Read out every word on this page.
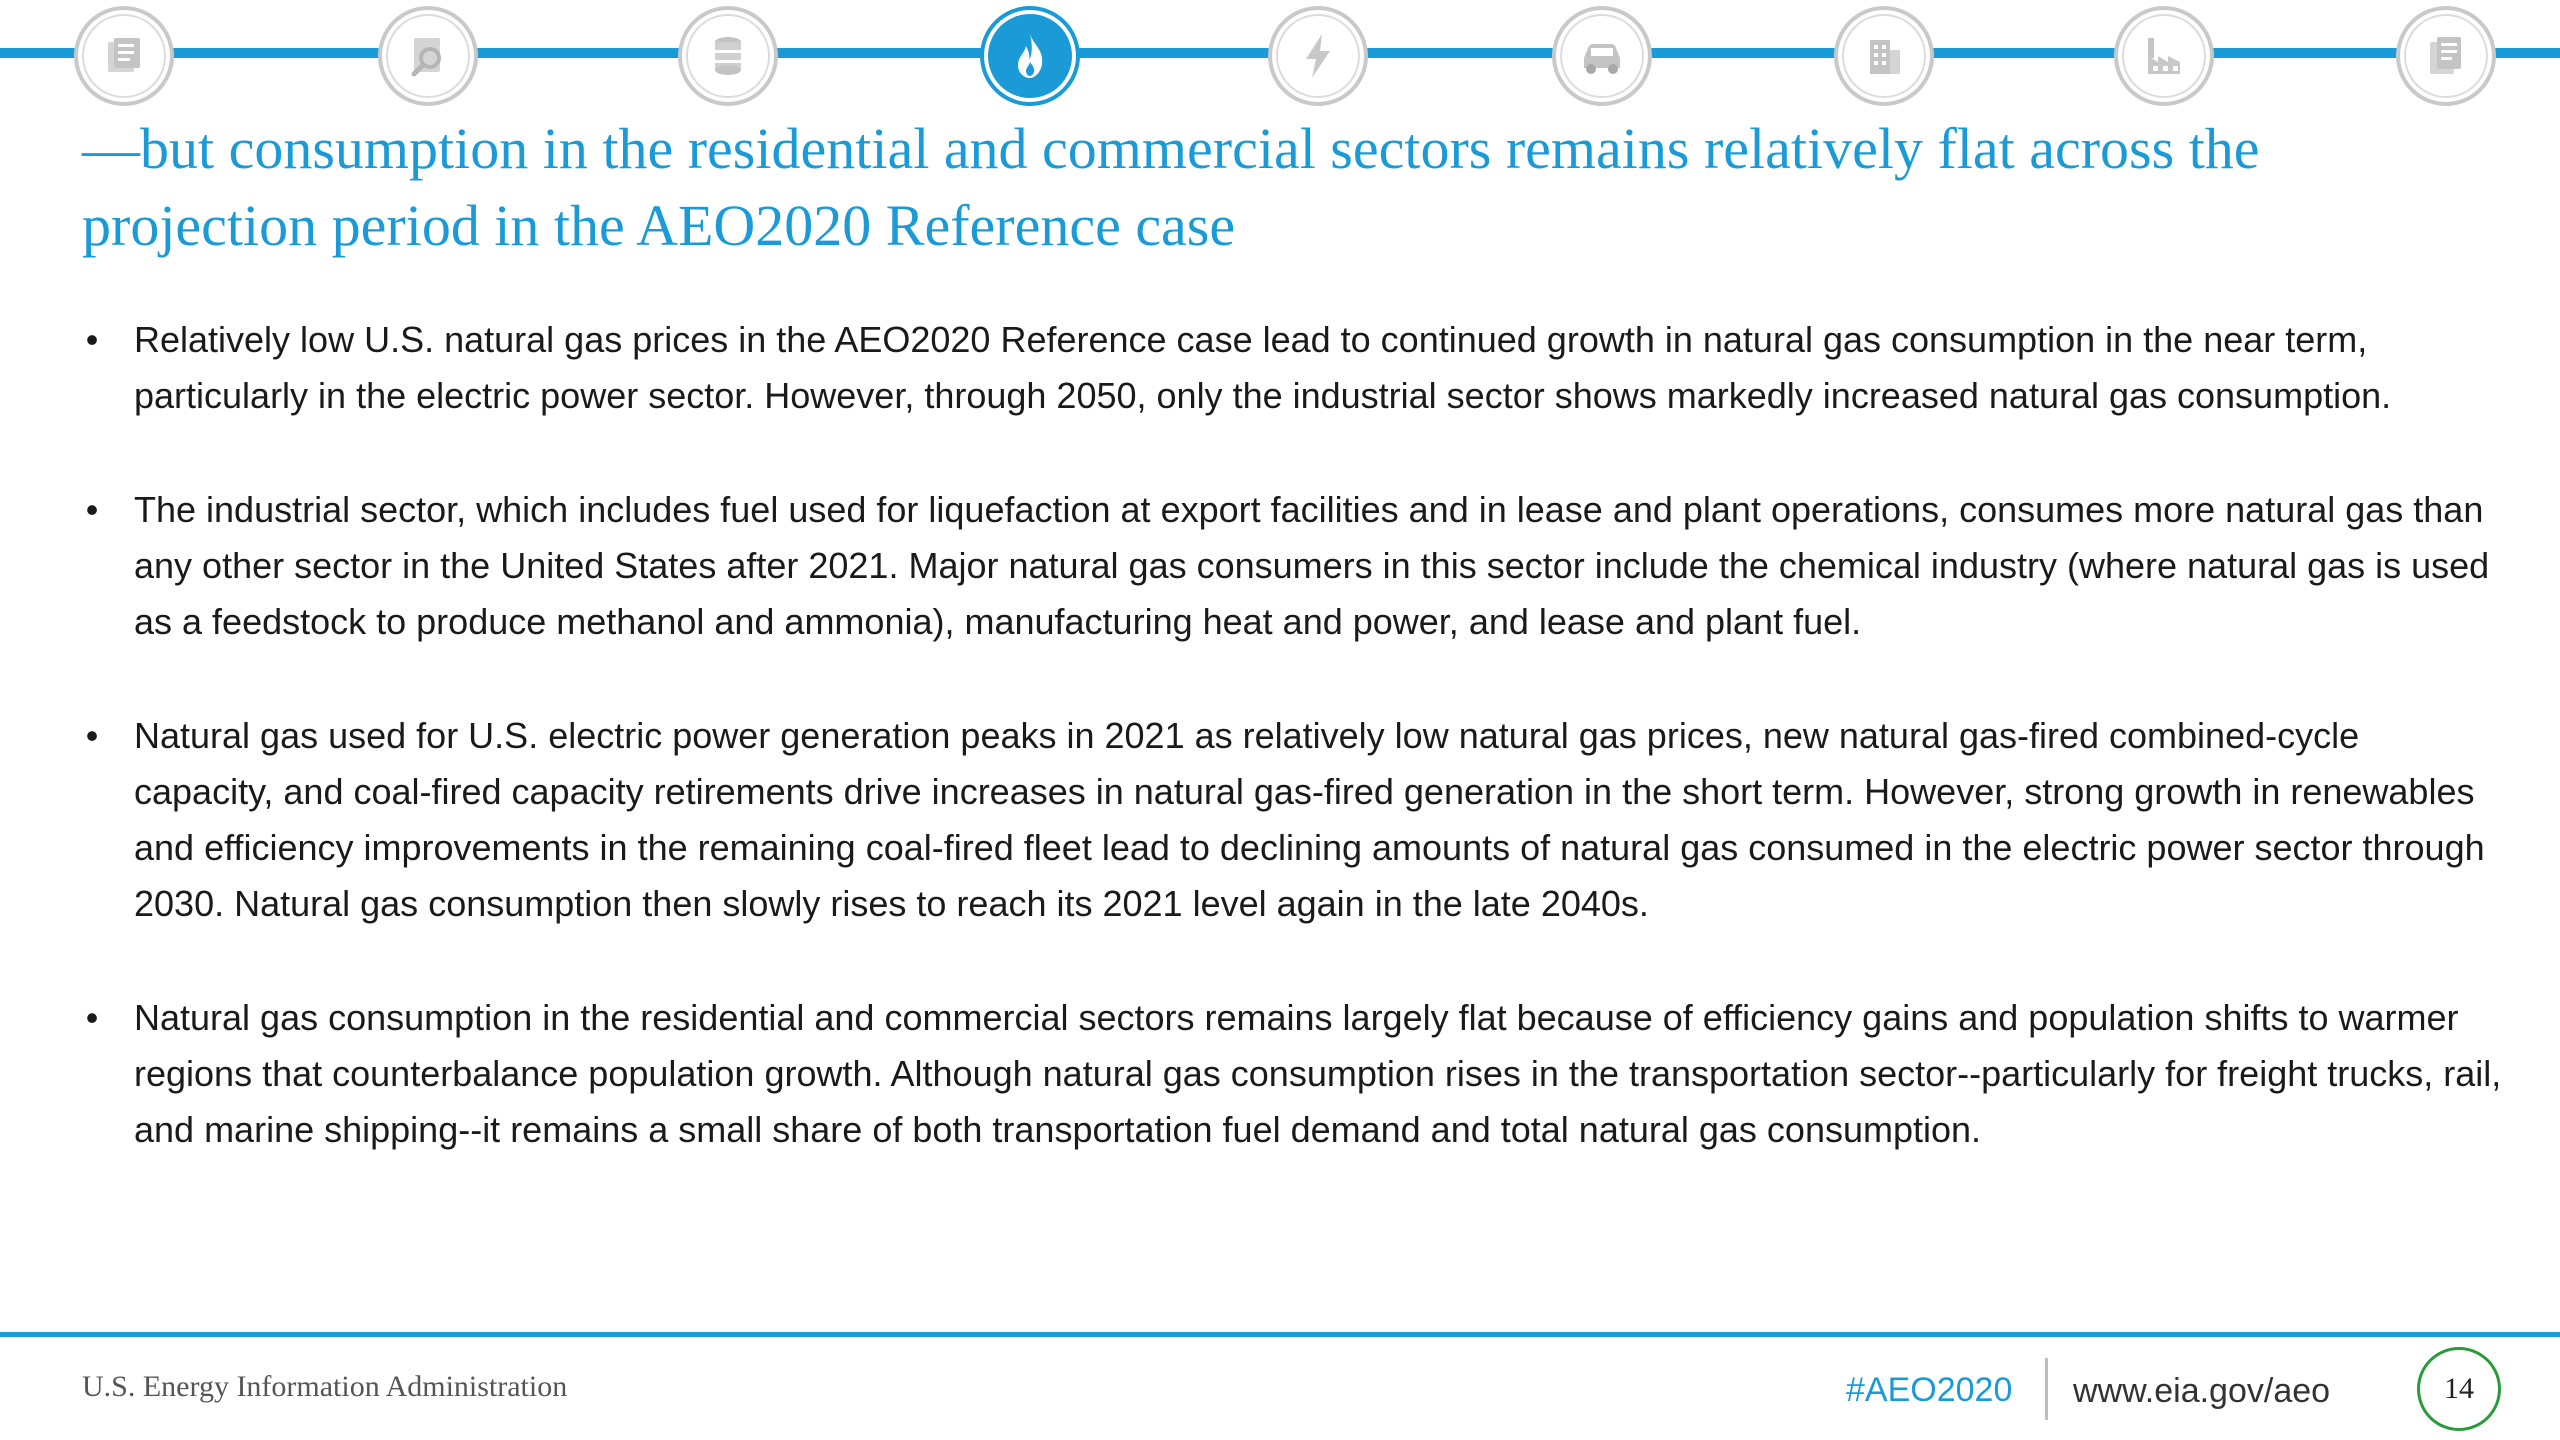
—but consumption in the residential and commercial sectors remains relatively flat across the projection period in the AEO2020 Reference case
• Relatively low U.S. natural gas prices in the AEO2020 Reference case lead to continued growth in natural gas consumption in the near term, particularly in the electric power sector. However, through 2050, only the industrial sector shows markedly increased natural gas consumption.
• The industrial sector, which includes fuel used for liquefaction at export facilities and in lease and plant operations, consumes more natural gas than any other sector in the United States after 2021. Major natural gas consumers in this sector include the chemical industry (where natural gas is used as a feedstock to produce methanol and ammonia), manufacturing heat and power, and lease and plant fuel.
• Natural gas used for U.S. electric power generation peaks in 2021 as relatively low natural gas prices, new natural gas-fired combined-cycle capacity, and coal-fired capacity retirements drive increases in natural gas-fired generation in the short term. However, strong growth in renewables and efficiency improvements in the remaining coal-fired fleet lead to declining amounts of natural gas consumed in the electric power sector through 2030. Natural gas consumption then slowly rises to reach its 2021 level again in the late 2040s.
• Natural gas consumption in the residential and commercial sectors remains largely flat because of efficiency gains and population shifts to warmer regions that counterbalance population growth. Although natural gas consumption rises in the transportation sector--particularly for freight trucks, rail, and marine shipping--it remains a small share of both transportation fuel demand and total natural gas consumption.
U.S. Energy Information Administration	#AEO2020 www.eia.gov/aeo	14
